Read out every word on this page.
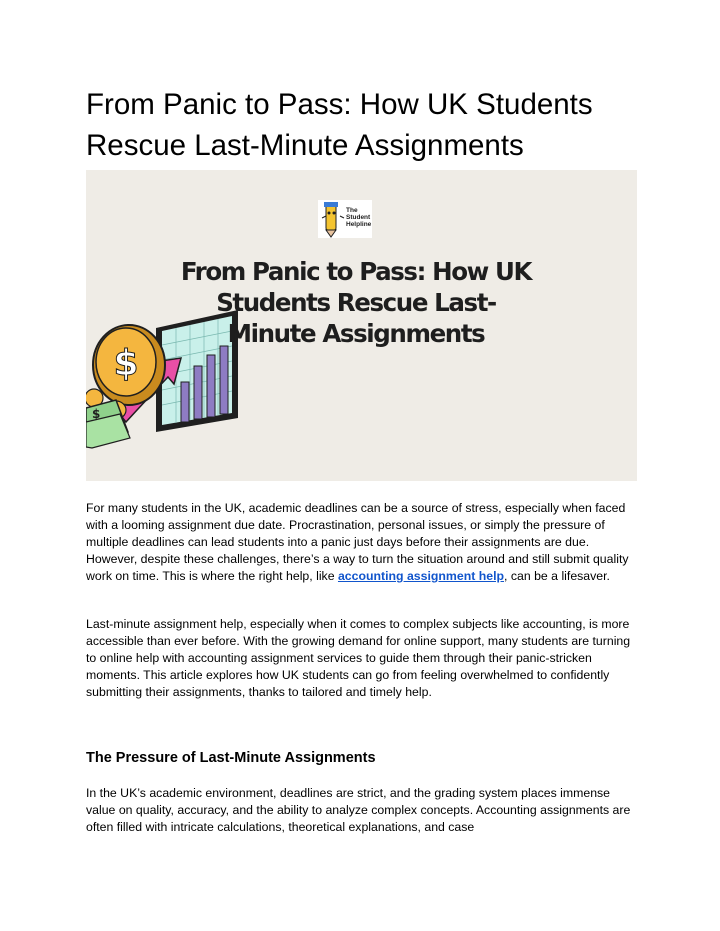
From Panic to Pass: How UK Students Rescue Last-Minute Assignments
$
$
The Student Helpline
From Panic to Pass: How UK Students Rescue Last-Minute Assignments

For many students in the UK, academic deadlines can be a source of stress, especially when faced with a looming assignment due date. Procrastination, personal issues, or simply the pressure of multiple deadlines can lead students into a panic just days before their assignments are due. However, despite these challenges, there’s a way to turn the situation around and still submit quality work on time. This is where the right help, like accounting assignment help, can be a lifesaver.

Last-minute assignment help, especially when it comes to complex subjects like accounting, is more accessible than ever before. With the growing demand for online support, many students are turning to online help with accounting assignment services to guide them through their panic-stricken moments. This article explores how UK students can go from feeling overwhelmed to confidently submitting their assignments, thanks to tailored and timely help.

The Pressure of Last-Minute Assignments

In the UK’s academic environment, deadlines are strict, and the grading system places immense value on quality, accuracy, and the ability to analyze complex concepts. Accounting assignments are often filled with intricate calculations, theoretical explanations, and case
